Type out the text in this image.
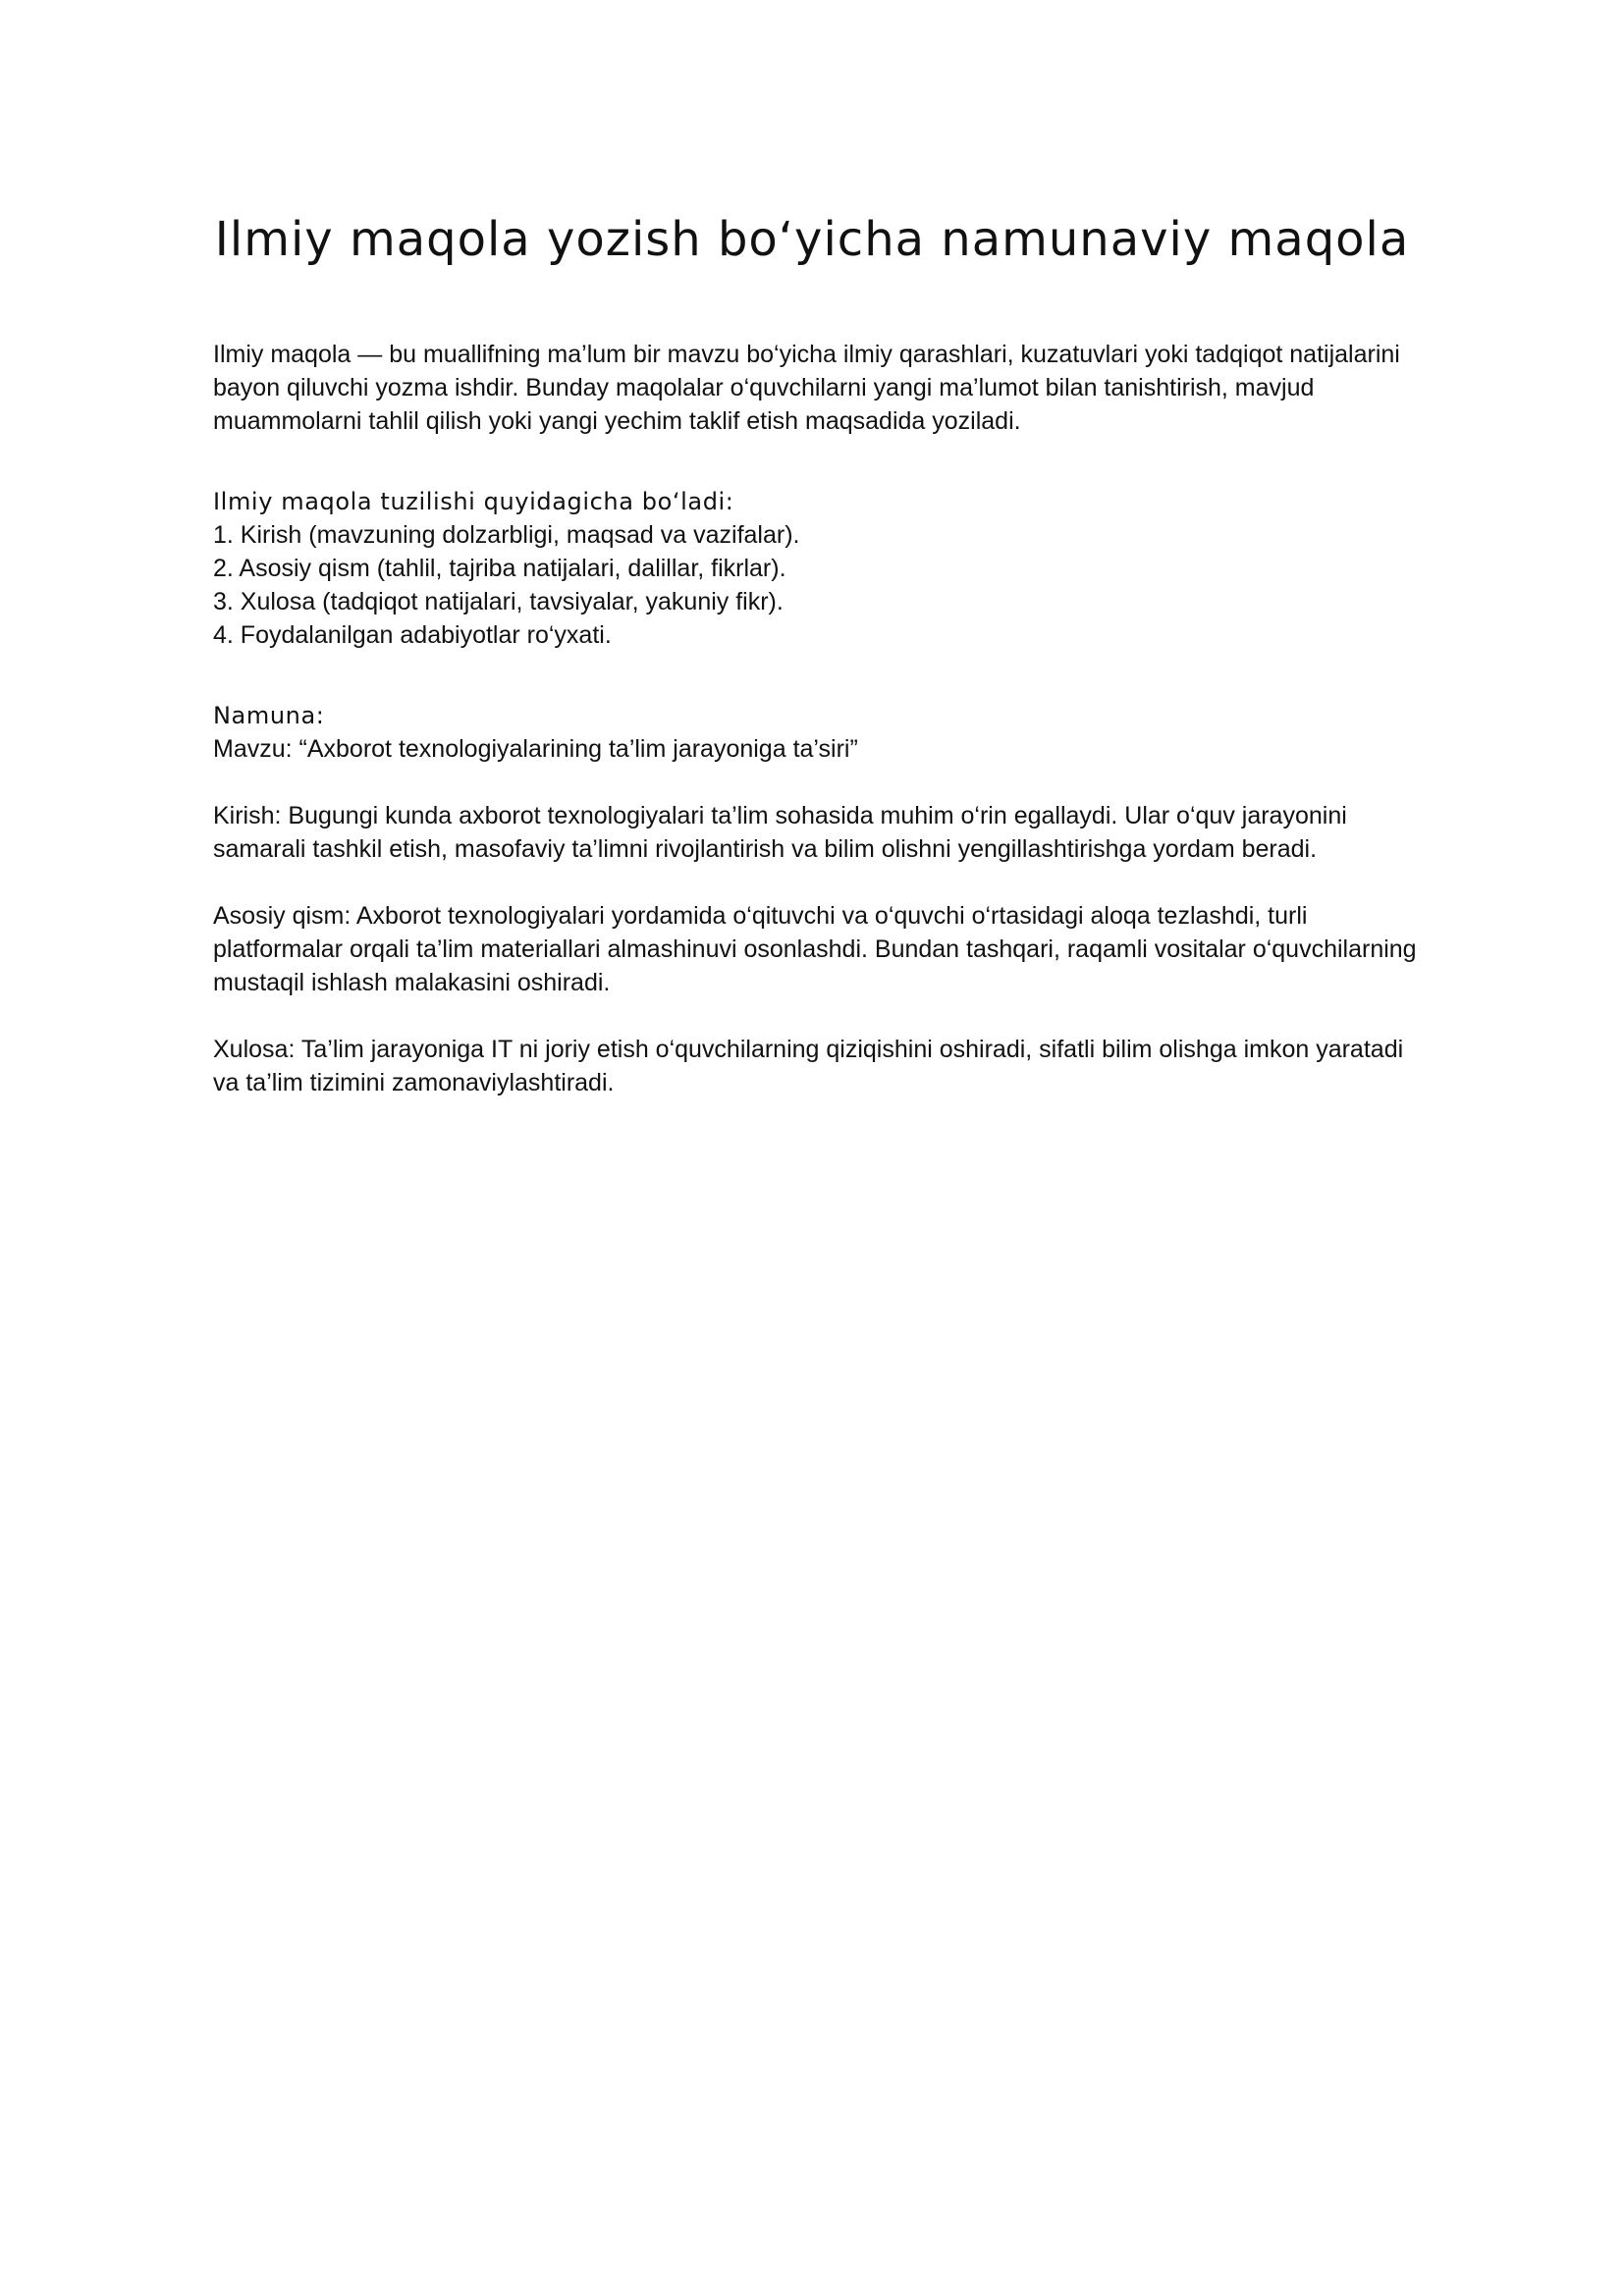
Ilmiy maqola yozish bo‘yicha namunaviy maqola

Ilmiy maqola — bu muallifning ma’lum bir mavzu bo‘yicha ilmiy qarashlari, kuzatuvlari yoki tadqiqot natijalarini bayon qiluvchi yozma ishdir. Bunday maqolalar o‘quvchilarni yangi ma’lumot bilan tanishtirish, mavjud muammolarni tahlil qilish yoki yangi yechim taklif etish maqsadida yoziladi.

Ilmiy maqola tuzilishi quyidagicha bo‘ladi:

1. Kirish (mavzuning dolzarbligi, maqsad va vazifalar).
2. Asosiy qism (tahlil, tajriba natijalari, dalillar, fikrlar).
3. Xulosa (tadqiqot natijalari, tavsiyalar, yakuniy fikr).
4. Foydalanilgan adabiyotlar ro‘yxati.

Namuna:

Mavzu: “Axborot texnologiyalarining ta’lim jarayoniga ta’siri”

Kirish: Bugungi kunda axborot texnologiyalari ta’lim sohasida muhim o‘rin egallaydi. Ular o‘quv jarayonini samarali tashkil etish, masofaviy ta’limni rivojlantirish va bilim olishni yengillashtirishga yordam beradi.

Asosiy qism: Axborot texnologiyalari yordamida o‘qituvchi va o‘quvchi o‘rtasidagi aloqa tezlashdi, turli platformalar orqali ta’lim materiallari almashinuvi osonlashdi. Bundan tashqari, raqamli vositalar o‘quvchilarning mustaqil ishlash malakasini oshiradi.

Xulosa: Ta’lim jarayoniga IT ni joriy etish o‘quvchilarning qiziqishini oshiradi, sifatli bilim olishga imkon yaratadi va ta’lim tizimini zamonaviylashtiradi.
